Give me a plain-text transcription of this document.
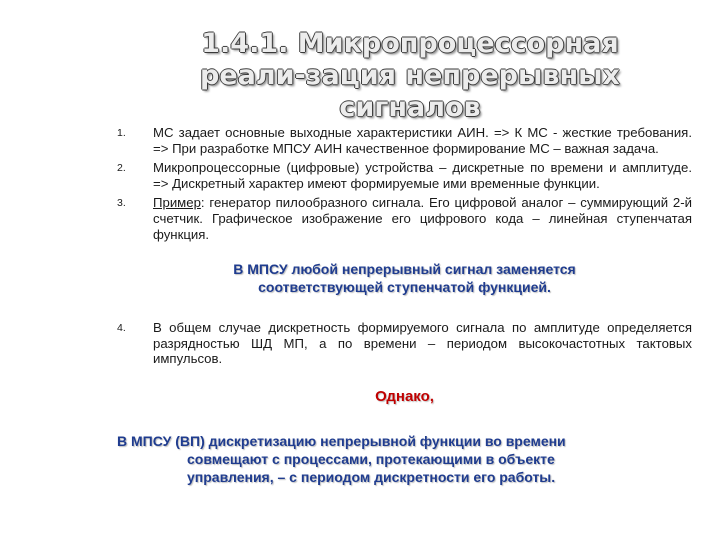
1.4.1. Микропроцессорная
реали-зация непрерывных
сигналов
1.	МС задает основные выходные характеристики АИН. => К МС - жесткие требования. => При разработке МПСУ АИН качественное формирование МС – важная задача.
2.	Микропроцессорные (цифровые) устройства – дискретные по времени и амплитуде. => Дискретный характер имеют формируемые ими временные функции.
3.	Пример: генератор пилообразного сигнала. Его цифровой аналог – суммирующий 2-й счетчик. Графическое изображение его цифрового кода – линейная ступенчатая функция.
В МПСУ любой непрерывный сигнал заменяется
соответствующей ступенчатой функцией.
4.	В общем случае дискретность формируемого сигнала по амплитуде определяется разрядностью ШД МП, а по времени – периодом высокочастотных тактовых импульсов.
Однако,
В МПСУ (ВП) дискретизацию непрерывной функции во времени
совмещают с процессами, протекающими в объекте
управления, – с периодом дискретности его работы.
